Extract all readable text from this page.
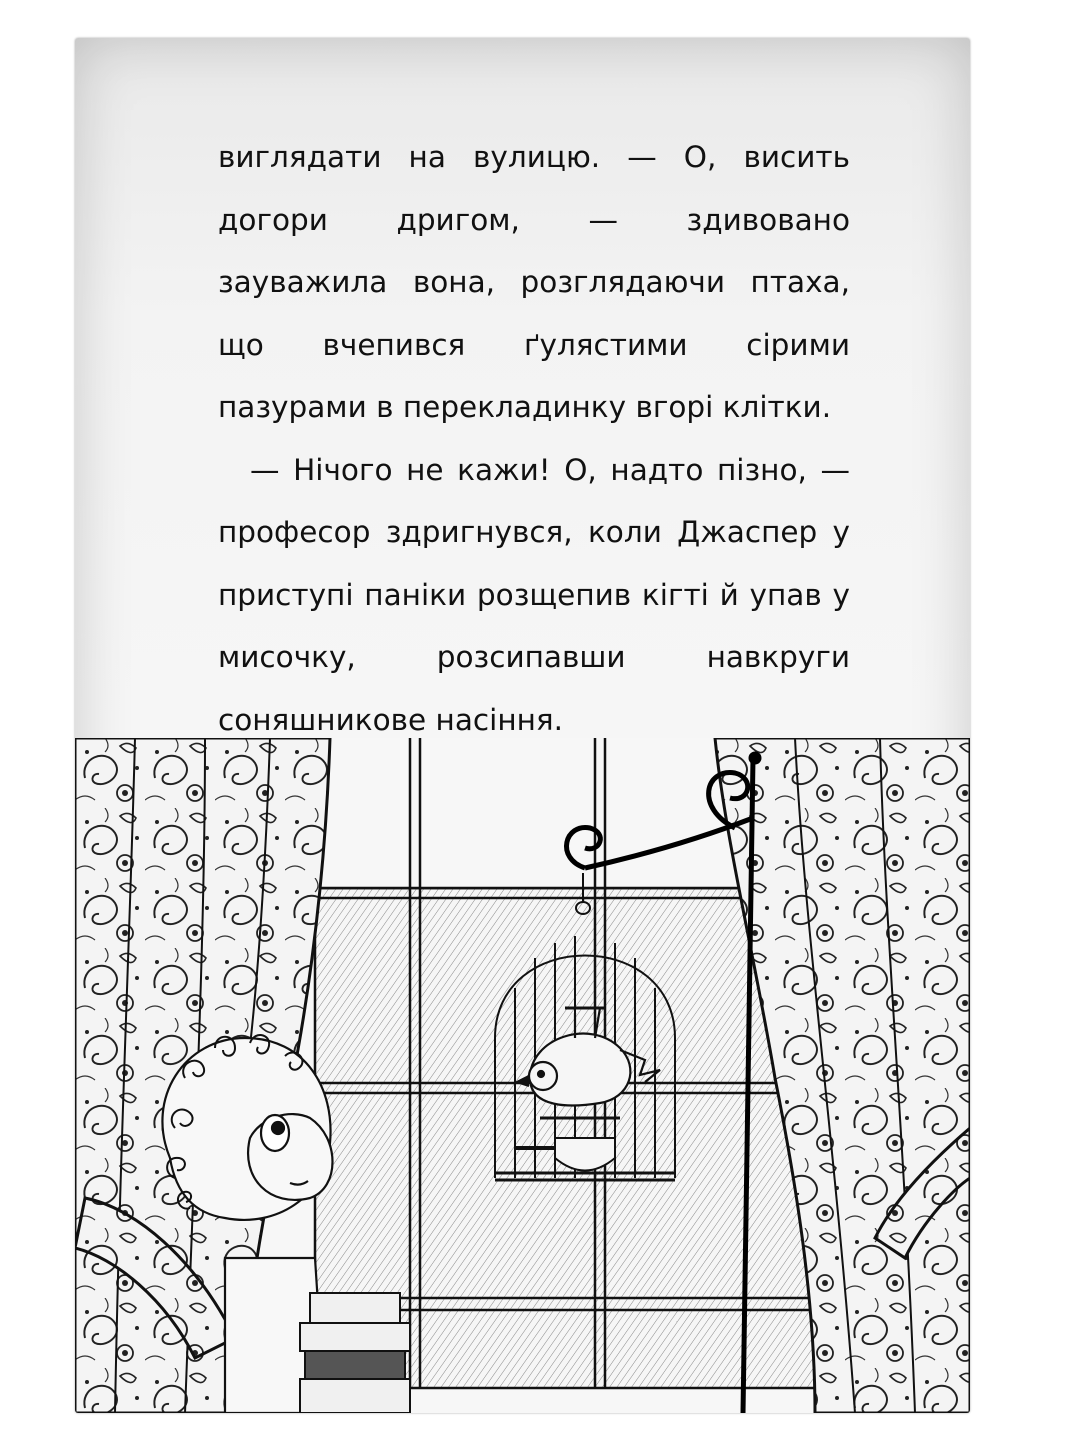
виглядати на вулицю. — О, висить догори дригом, — здивовано зауважила вона, розглядаючи птаха, що вчепився ґулястими сірими пазурами в перекладинку вгорі клітки.

— Нічого не кажи! О, надто пізно, — професор здригнувся, коли Джаспер у приступі паніки розщепив кігті й упав у мисочку, розсипавши навкруги соняшникове насіння.
